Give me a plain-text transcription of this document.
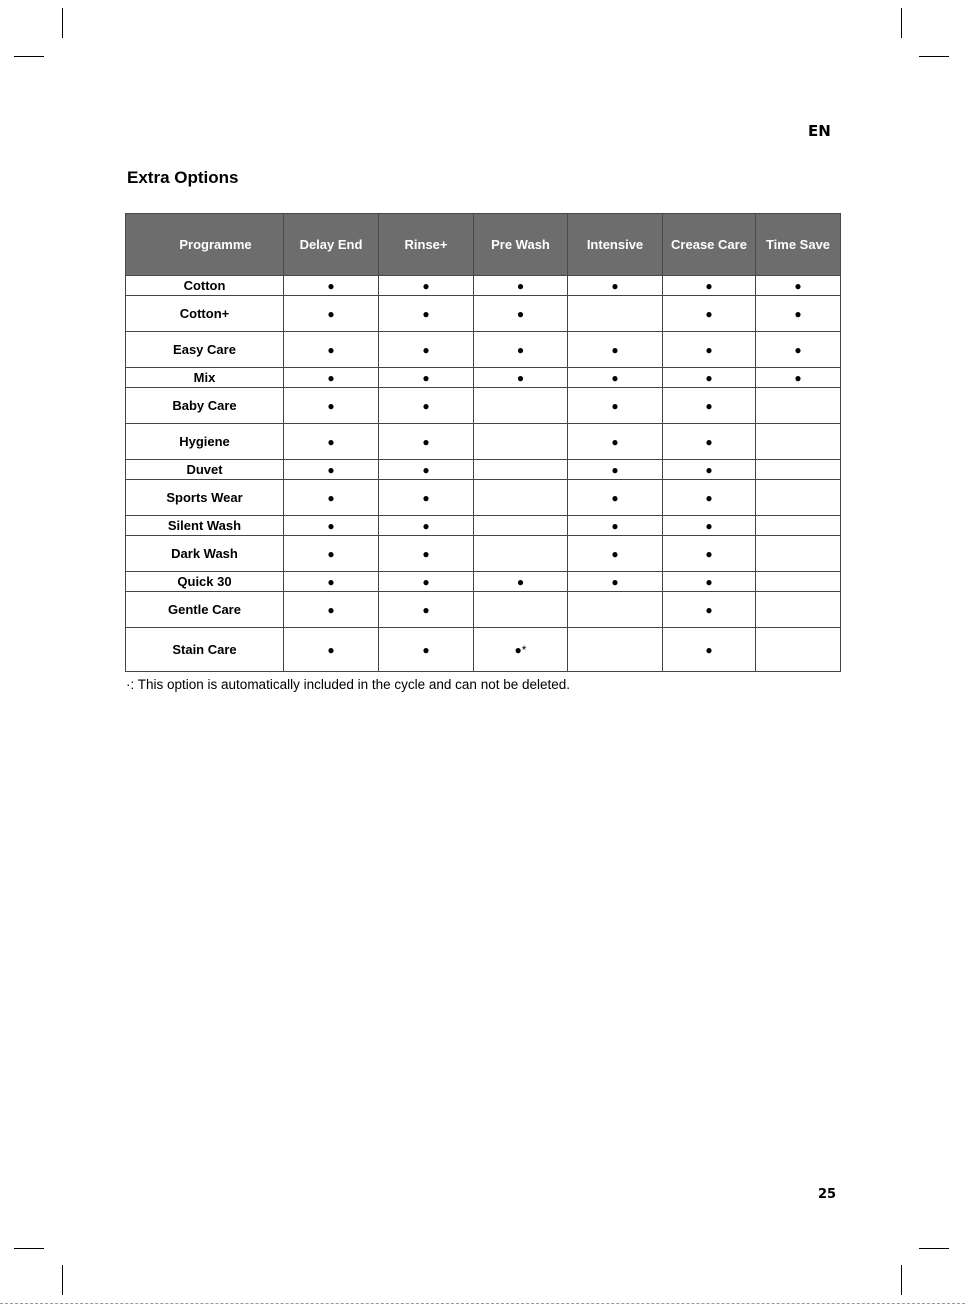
EN
Extra Options
Programme	Delay End	Rinse+	Pre Wash	Intensive	Crease Care	Time Save
Cotton	●	●	●	●	●	●
Cotton+	●	●	●		●	●
Easy Care	●	●	●	●	●	●
Mix	●	●	●	●	●	●
Baby Care	●	●		●	●	
Hygiene	●	●		●	●	
Duvet	●	●		●	●	
Sports Wear	●	●		●	●	
Silent Wash	●	●		●	●	
Dark Wash	●	●		●	●	
Quick 30	●	●	●	●	●	
Gentle Care	●	●			●	
Stain Care	●	●	●*		●	
·: This option is automatically included in the cycle and can not be deleted.
25
